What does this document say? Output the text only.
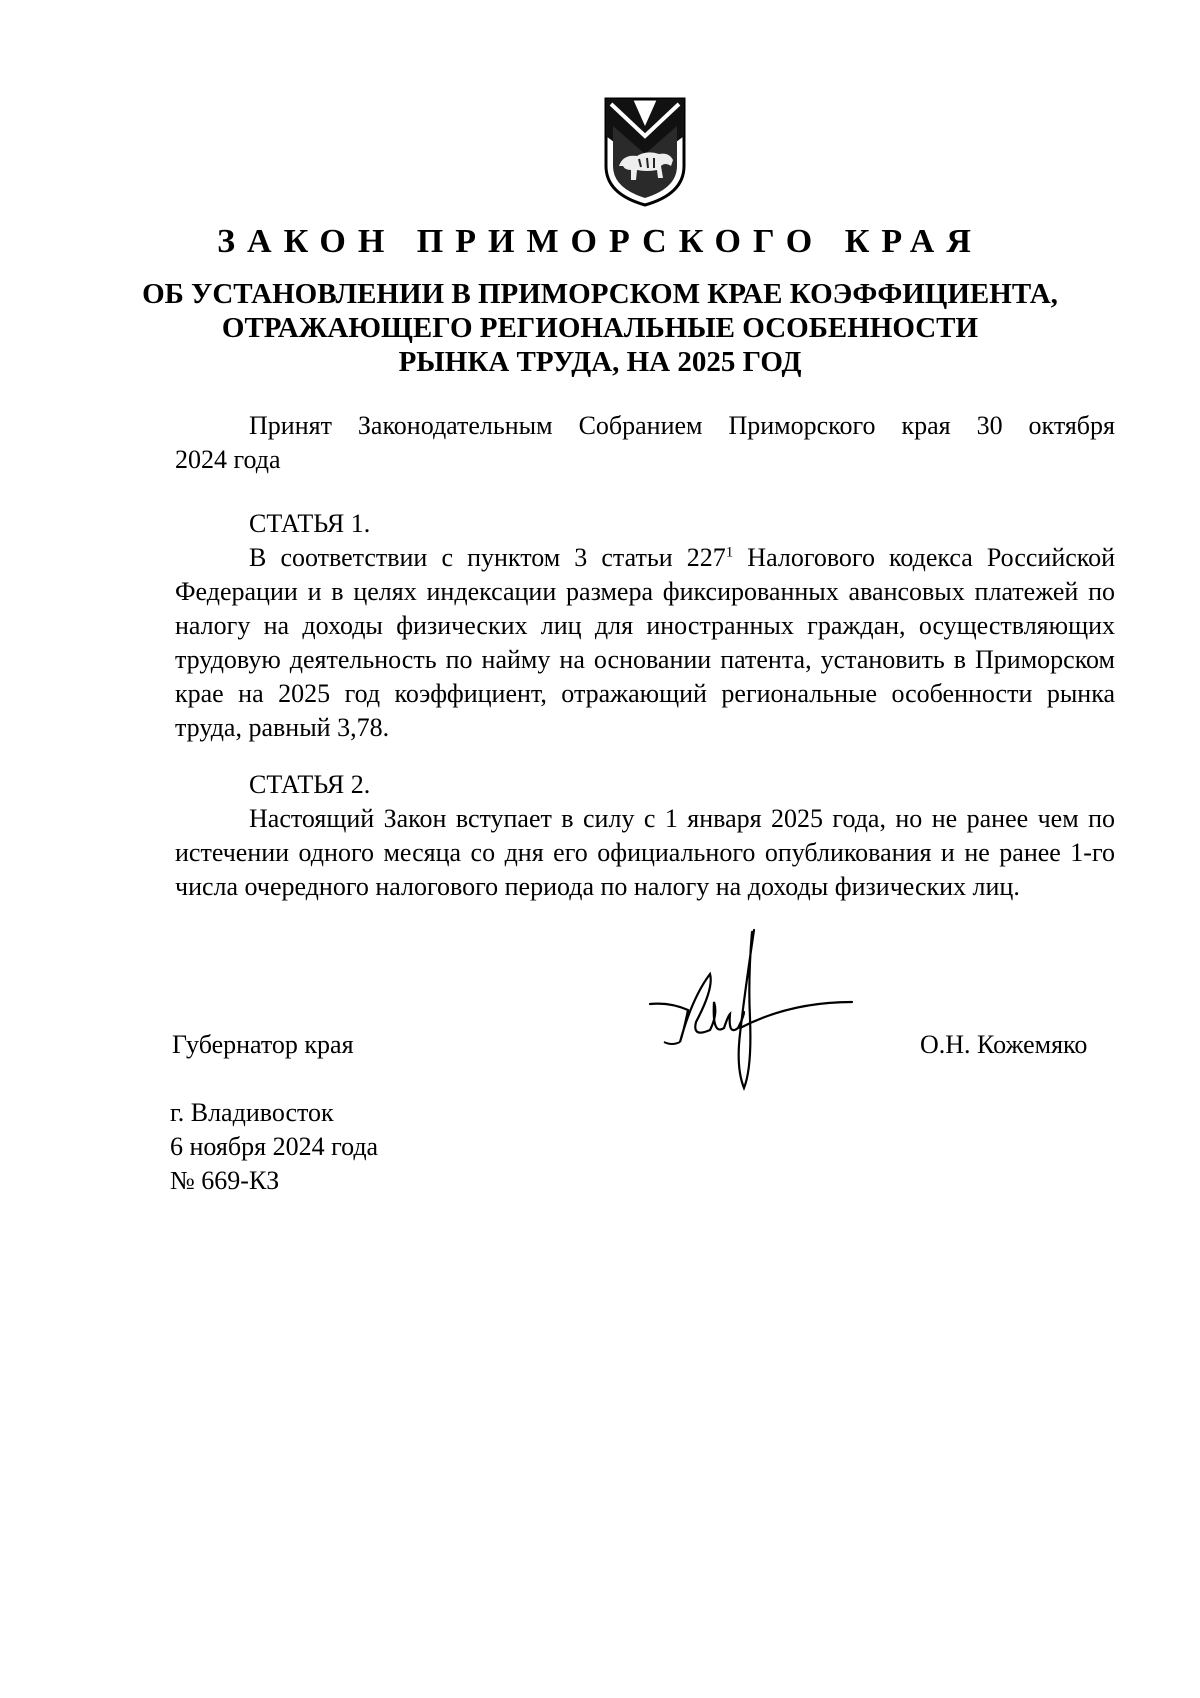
ЗАКОН ПРИМОРСКОГО КРАЯ
ОБ УСТАНОВЛЕНИИ В ПРИМОРСКОМ КРАЕ КОЭФФИЦИЕНТА,
ОТРАЖАЮЩЕГО РЕГИОНАЛЬНЫЕ ОСОБЕННОСТИ
РЫНКА ТРУДА, НА 2025 ГОД
Принят Законодательным Собранием Приморского края 30 октября
2024 года
СТАТЬЯ 1.
В соответствии с пунктом 3 статьи $227^1$ Налогового кодекса Российской Федерации и в целях индексации размера фиксированных авансовых платежей по налогу на доходы физических лиц для иностранных граждан, осуществляющих трудовую деятельность по найму на основании патента, установить в Приморском крае на 2025 год коэффициент, отражающий региональные особенности рынка труда, равный 3,78.
СТАТЬЯ 2.
Настоящий Закон вступает в силу с 1 января 2025 года, но не ранее чем по истечении одного месяца со дня его официального опубликования и не ранее 1-го числа очередного налогового периода по налогу на доходы физических лиц.
Губернатор края	О.Н. Кожемяко
г. Владивосток
6 ноября 2024 года
№ 669-КЗ
